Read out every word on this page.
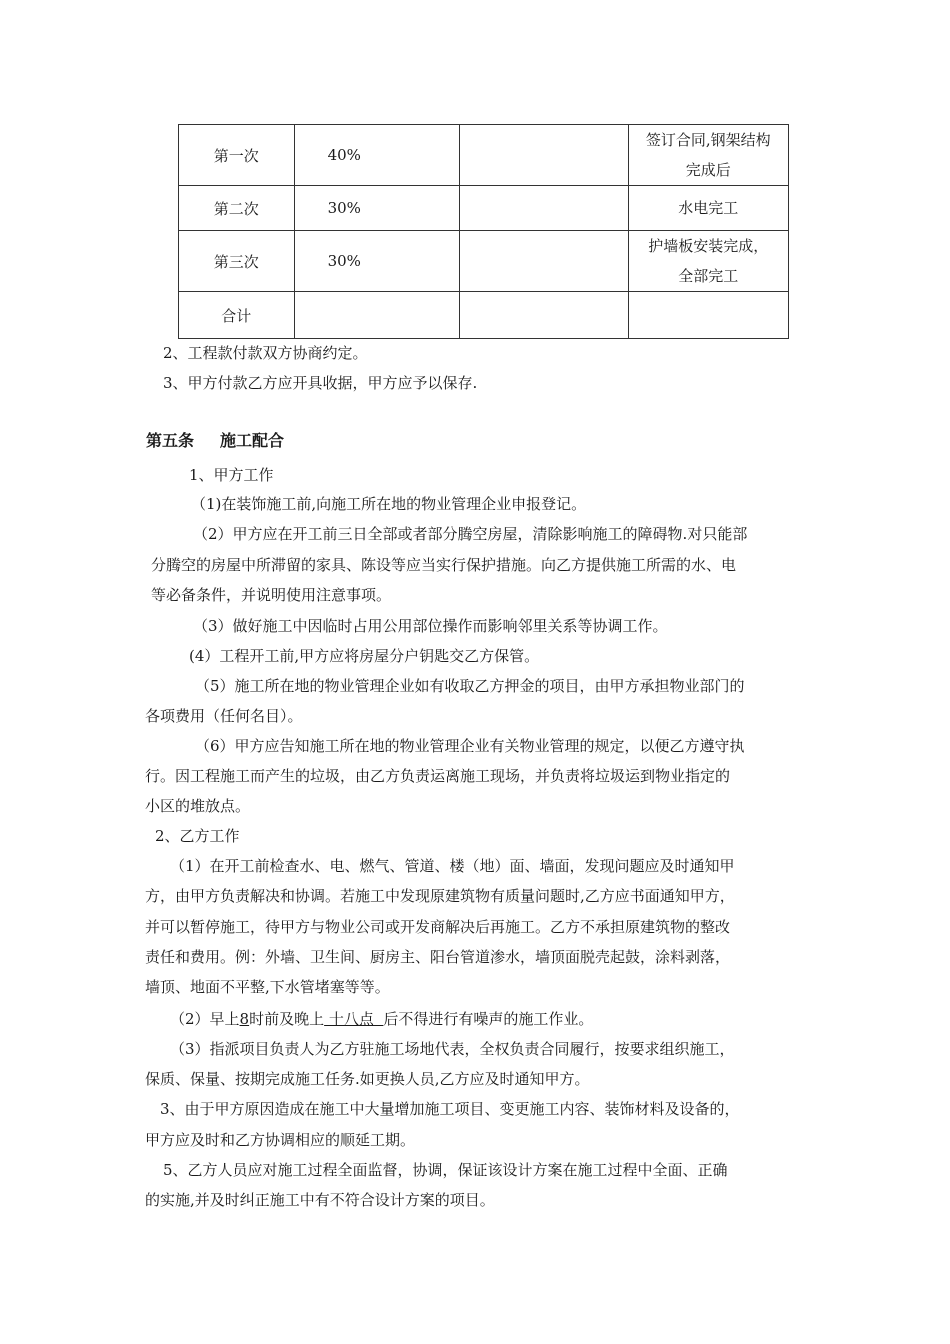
第一次	40%		签订合同,钢架结构
完成后

第二次	30%		水电完工

第三次	30%		护墙板安装完成，
全部完工

合计			
2、工程款付款双方协商约定。
3、甲方付款乙方应开具收据，甲方应予以保存.
第五条 施工配合
1、甲方工作
（1)在装饰施工前,向施工所在地的物业管理企业申报登记。
（2）甲方应在开工前三日全部或者部分腾空房屋，清除影响施工的障碍物.对只能部
分腾空的房屋中所滞留的家具、陈设等应当实行保护措施。向乙方提供施工所需的水、电
等必备条件，并说明使用注意事项。
（3）做好施工中因临时占用公用部位操作而影响邻里关系等协调工作。
(4）工程开工前,甲方应将房屋分户钥匙交乙方保管。
（5）施工所在地的物业管理企业如有收取乙方押金的项目，由甲方承担物业部门的
各项费用（任何名目）。
（6）甲方应告知施工所在地的物业管理企业有关物业管理的规定，以便乙方遵守执
行。因工程施工而产生的垃圾，由乙方负责运离施工现场，并负责将垃圾运到物业指定的
小区的堆放点。
2、乙方工作
（1）在开工前检查水、电、燃气、管道、楼（地）面、墙面，发现问题应及时通知甲
方，由甲方负责解决和协调。若施工中发现原建筑物有质量问题时,乙方应书面通知甲方，
并可以暂停施工，待甲方与物业公司或开发商解决后再施工。乙方不承担原建筑物的整改
责任和费用。例：外墙、卫生间、厨房主、阳台管道渗水，墙顶面脱壳起鼓，涂料剥落，
墙顶、地面不平整,下水管堵塞等等。
（2）早上8时前及晚上 十八点  后不得进行有噪声的施工作业。
（3）指派项目负责人为乙方驻施工场地代表，全权负责合同履行，按要求组织施工，
保质、保量、按期完成施工任务.如更换人员,乙方应及时通知甲方。
3、由于甲方原因造成在施工中大量增加施工项目、变更施工内容、装饰材料及设备的，
甲方应及时和乙方协调相应的顺延工期。
5、乙方人员应对施工过程全面监督，协调，保证该设计方案在施工过程中全面、正确
的实施,并及时纠正施工中有不符合设计方案的项目。
